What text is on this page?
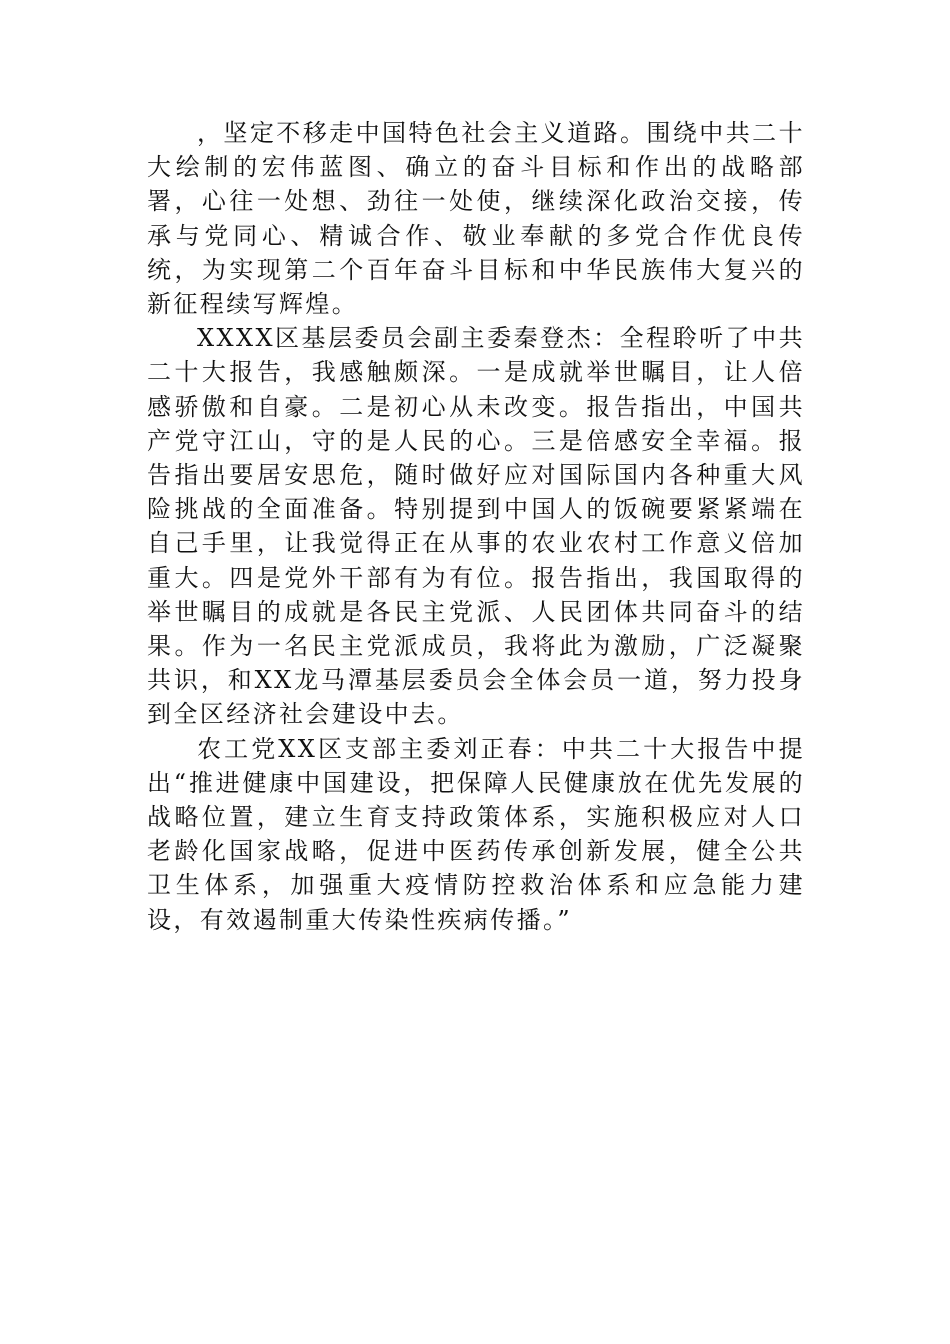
，坚定不移走中国特色社会主义道路。围绕中共二十大绘制的宏伟蓝图、确立的奋斗目标和作出的战略部署，心往一处想、劲往一处使，继续深化政治交接，传承与党同心、精诚合作、敬业奉献的多党合作优良传统，为实现第二个百年奋斗目标和中华民族伟大复兴的新征程续写辉煌。

XXXX区基层委员会副主委秦登杰：全程聆听了中共二十大报告，我感触颇深。一是成就举世瞩目，让人倍感骄傲和自豪。二是初心从未改变。报告指出，中国共产党守江山，守的是人民的心。三是倍感安全幸福。报告指出要居安思危，随时做好应对国际国内各种重大风险挑战的全面准备。特别提到中国人的饭碗要紧紧端在自己手里，让我觉得正在从事的农业农村工作意义倍加重大。四是党外干部有为有位。报告指出，我国取得的举世瞩目的成就是各民主党派、人民团体共同奋斗的结果。作为一名民主党派成员，我将此为激励，广泛凝聚共识，和XX龙马潭基层委员会全体会员一道，努力投身到全区经济社会建设中去。

农工党XX区支部主委刘正春：中共二十大报告中提出“推进健康中国建设，把保障人民健康放在优先发展的战略位置，建立生育支持政策体系，实施积极应对人口老龄化国家战略，促进中医药传承创新发展，健全公共卫生体系，加强重大疫情防控救治体系和应急能力建设，有效遏制重大传染性疾病传播。”
